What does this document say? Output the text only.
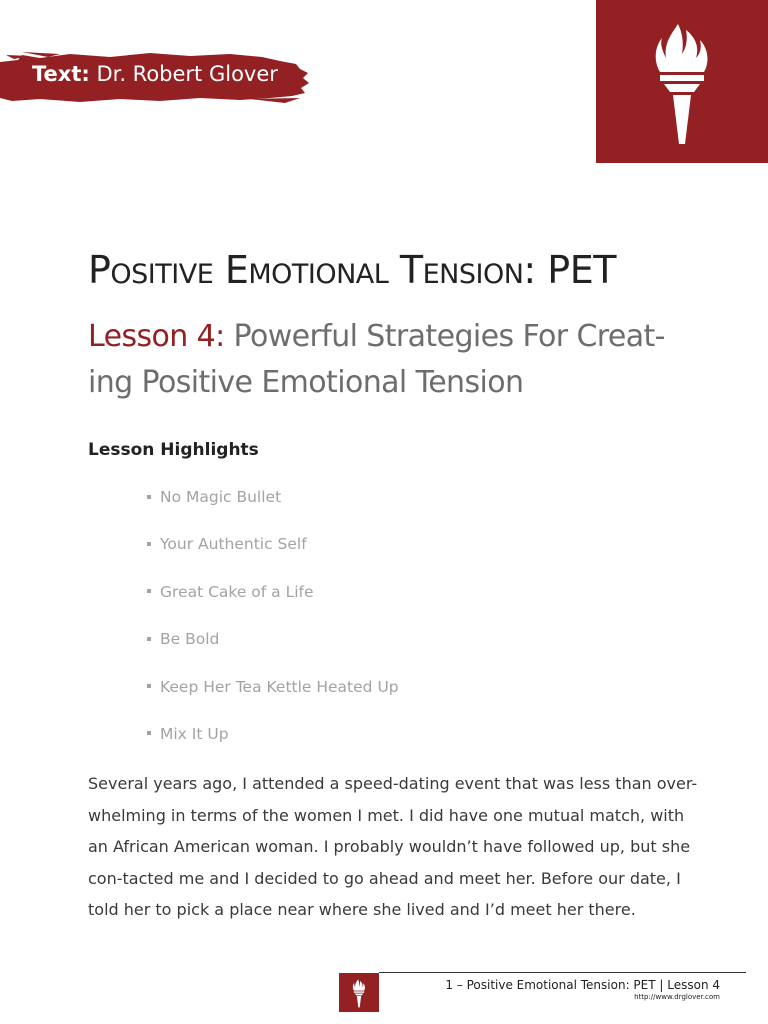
Text: Dr. Robert Glover
Positive Emotional Tension: PET
Lesson 4: Powerful Strategies For Creat-ing Positive Emotional Tension
Lesson Highlights
No Magic Bullet
Your Authentic Self
Great Cake of a Life
Be Bold
Keep Her Tea Kettle Heated Up
Mix It Up

Several years ago, I attended a speed-dating event that was less than over-whelming in terms of the women I met. I did have one mutual match, with an African American woman. I probably wouldn’t have followed up, but she con-tacted me and I decided to go ahead and meet her. Before our date, I told her to pick a place near where she lived and I’d meet her there.

1 – Positive Emotional Tension: PET | Lesson 4
http://www.drglover.com
